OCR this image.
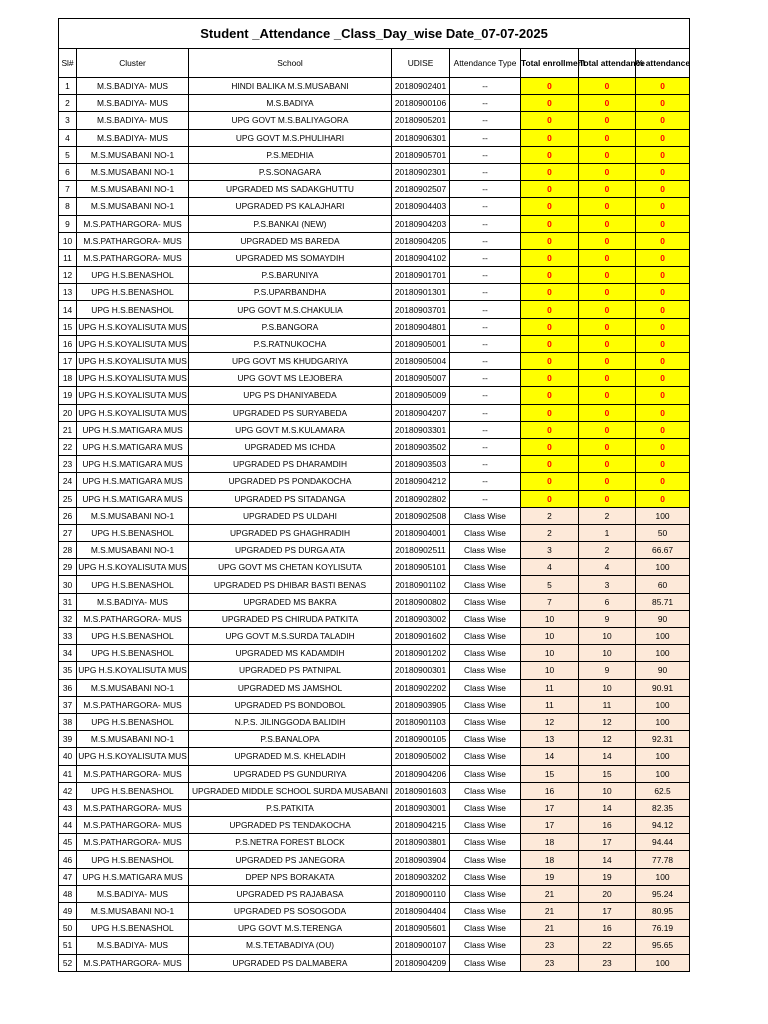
Student _Attendance _Class_Day_wise Date_07-07-2025							
Sl#	Cluster	School	UDISE	Attendance Type	Total enrollment	Total attendance	% attendance
1	M.S.BADIYA- MUS	HINDI BALIKA M.S.MUSABANI	20180902401	--	0	0	0
2	M.S.BADIYA- MUS	M.S.BADIYA	20180900106	--	0	0	0
3	M.S.BADIYA- MUS	UPG GOVT M.S.BALIYAGORA	20180905201	--	0	0	0
4	M.S.BADIYA- MUS	UPG GOVT M.S.PHULIHARI	20180906301	--	0	0	0
5	M.S.MUSABANI NO-1	P.S.MEDHIA	20180905701	--	0	0	0
6	M.S.MUSABANI NO-1	P.S.SONAGARA	20180902301	--	0	0	0
7	M.S.MUSABANI NO-1	UPGRADED MS SADAKGHUTTU	20180902507	--	0	0	0
8	M.S.MUSABANI NO-1	UPGRADED PS KALAJHARI	20180904403	--	0	0	0
9	M.S.PATHARGORA- MUS	P.S.BANKAI (NEW)	20180904203	--	0	0	0
10	M.S.PATHARGORA- MUS	UPGRADED MS BAREDA	20180904205	--	0	0	0
11	M.S.PATHARGORA- MUS	UPGRADED MS SOMAYDIH	20180904102	--	0	0	0
12	UPG H.S.BENASHOL	P.S.BARUNIYA	20180901701	--	0	0	0
13	UPG H.S.BENASHOL	P.S.UPARBANDHA	20180901301	--	0	0	0
14	UPG H.S.BENASHOL	UPG GOVT M.S.CHAKULIA	20180903701	--	0	0	0
15	UPG H.S.KOYALISUTA MUS	P.S.BANGORA	20180904801	--	0	0	0
16	UPG H.S.KOYALISUTA MUS	P.S.RATNUKOCHA	20180905001	--	0	0	0
17	UPG H.S.KOYALISUTA MUS	UPG GOVT MS KHUDGARIYA	20180905004	--	0	0	0
18	UPG H.S.KOYALISUTA MUS	UPG GOVT MS LEJOBERA	20180905007	--	0	0	0
19	UPG H.S.KOYALISUTA MUS	UPG PS DHANIYABEDA	20180905009	--	0	0	0
20	UPG H.S.KOYALISUTA MUS	UPGRADED PS SURYABEDA	20180904207	--	0	0	0
21	UPG H.S.MATIGARA MUS	UPG GOVT M.S.KULAMARA	20180903301	--	0	0	0
22	UPG H.S.MATIGARA MUS	UPGRADED MS ICHDA	20180903502	--	0	0	0
23	UPG H.S.MATIGARA MUS	UPGRADED PS DHARAMDIH	20180903503	--	0	0	0
24	UPG H.S.MATIGARA MUS	UPGRADED PS PONDAKOCHA	20180904212	--	0	0	0
25	UPG H.S.MATIGARA MUS	UPGRADED PS SITADANGA	20180902802	--	0	0	0
26	M.S.MUSABANI NO-1	UPGRADED PS ULDAHI	20180902508	Class Wise	2	2	100
27	UPG H.S.BENASHOL	UPGRADED PS GHAGHRADIH	20180904001	Class Wise	2	1	50
28	M.S.MUSABANI NO-1	UPGRADED PS DURGA ATA	20180902511	Class Wise	3	2	66.67
29	UPG H.S.KOYALISUTA MUS	UPG GOVT MS CHETAN KOYLISUTA	20180905101	Class Wise	4	4	100
30	UPG H.S.BENASHOL	UPGRADED PS DHIBAR BASTI BENAS	20180901102	Class Wise	5	3	60
31	M.S.BADIYA- MUS	UPGRADED MS BAKRA	20180900802	Class Wise	7	6	85.71
32	M.S.PATHARGORA- MUS	UPGRADED PS CHIRUDA PATKITA	20180903002	Class Wise	10	9	90
33	UPG H.S.BENASHOL	UPG GOVT M.S.SURDA TALADIH	20180901602	Class Wise	10	10	100
34	UPG H.S.BENASHOL	UPGRADED MS KADAMDIH	20180901202	Class Wise	10	10	100
35	UPG H.S.KOYALISUTA MUS	UPGRADED PS PATNIPAL	20180900301	Class Wise	10	9	90
36	M.S.MUSABANI NO-1	UPGRADED MS JAMSHOL	20180902202	Class Wise	11	10	90.91
37	M.S.PATHARGORA- MUS	UPGRADED PS BONDOBOL	20180903905	Class Wise	11	11	100
38	UPG H.S.BENASHOL	N.P.S. JILINGGODA BALIDIH	20180901103	Class Wise	12	12	100
39	M.S.MUSABANI NO-1	P.S.BANALOPA	20180900105	Class Wise	13	12	92.31
40	UPG H.S.KOYALISUTA MUS	UPGRADED M.S. KHELADIH	20180905002	Class Wise	14	14	100
41	M.S.PATHARGORA- MUS	UPGRADED PS GUNDURIYA	20180904206	Class Wise	15	15	100
42	UPG H.S.BENASHOL	UPGRADED MIDDLE SCHOOL SURDA MUSABANI	20180901603	Class Wise	16	10	62.5
43	M.S.PATHARGORA- MUS	P.S.PATKITA	20180903001	Class Wise	17	14	82.35
44	M.S.PATHARGORA- MUS	UPGRADED PS TENDAKOCHA	20180904215	Class Wise	17	16	94.12
45	M.S.PATHARGORA- MUS	P.S.NETRA FOREST BLOCK	20180903801	Class Wise	18	17	94.44
46	UPG H.S.BENASHOL	UPGRADED PS JANEGORA	20180903904	Class Wise	18	14	77.78
47	UPG H.S.MATIGARA MUS	DPEP NPS BORAKATA	20180903202	Class Wise	19	19	100
48	M.S.BADIYA- MUS	UPGRADED PS RAJABASA	20180900110	Class Wise	21	20	95.24
49	M.S.MUSABANI NO-1	UPGRADED PS SOSOGODA	20180904404	Class Wise	21	17	80.95
50	UPG H.S.BENASHOL	UPG GOVT M.S.TERENGA	20180905601	Class Wise	21	16	76.19
51	M.S.BADIYA- MUS	M.S.TETABADIYA (OU)	20180900107	Class Wise	23	22	95.65
52	M.S.PATHARGORA- MUS	UPGRADED PS DALMABERA	20180904209	Class Wise	23	23	100
